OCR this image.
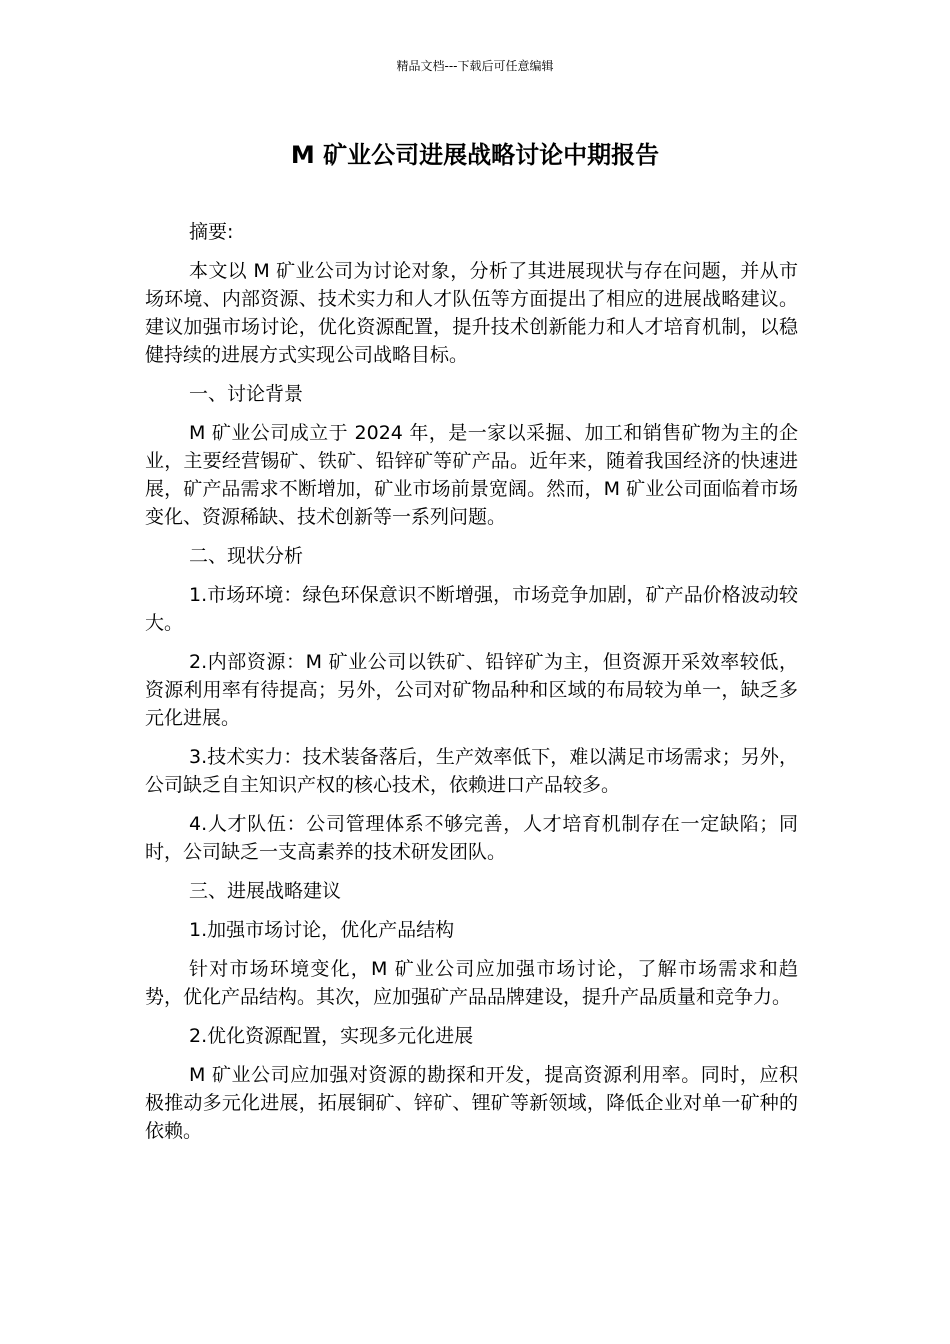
精品文档---下载后可任意编辑
M 矿业公司进展战略讨论中期报告

摘要:

本文以 M 矿业公司为讨论对象，分析了其进展现状与存在问题，并从市场环境、内部资源、技术实力和人才队伍等方面提出了相应的进展战略建议。建议加强市场讨论，优化资源配置，提升技术创新能力和人才培育机制，以稳健持续的进展方式实现公司战略目标。

一、讨论背景

M 矿业公司成立于 2024 年，是一家以采掘、加工和销售矿物为主的企业，主要经营锡矿、铁矿、铅锌矿等矿产品。近年来，随着我国经济的快速进展，矿产品需求不断增加，矿业市场前景宽阔。然而，M 矿业公司面临着市场变化、资源稀缺、技术创新等一系列问题。

二、现状分析

1.市场环境：绿色环保意识不断增强，市场竞争加剧，矿产品价格波动较大。

2.内部资源：M 矿业公司以铁矿、铅锌矿为主，但资源开采效率较低，资源利用率有待提高；另外，公司对矿物品种和区域的布局较为单一，缺乏多元化进展。

3.技术实力：技术装备落后，生产效率低下，难以满足市场需求；另外，公司缺乏自主知识产权的核心技术，依赖进口产品较多。

4.人才队伍：公司管理体系不够完善，人才培育机制存在一定缺陷；同时，公司缺乏一支高素养的技术研发团队。

三、进展战略建议

1.加强市场讨论，优化产品结构

针对市场环境变化，M 矿业公司应加强市场讨论，了解市场需求和趋势，优化产品结构。其次，应加强矿产品品牌建设，提升产品质量和竞争力。

2.优化资源配置，实现多元化进展

M 矿业公司应加强对资源的勘探和开发，提高资源利用率。同时，应积极推动多元化进展，拓展铜矿、锌矿、锂矿等新领域，降低企业对单一矿种的依赖。
